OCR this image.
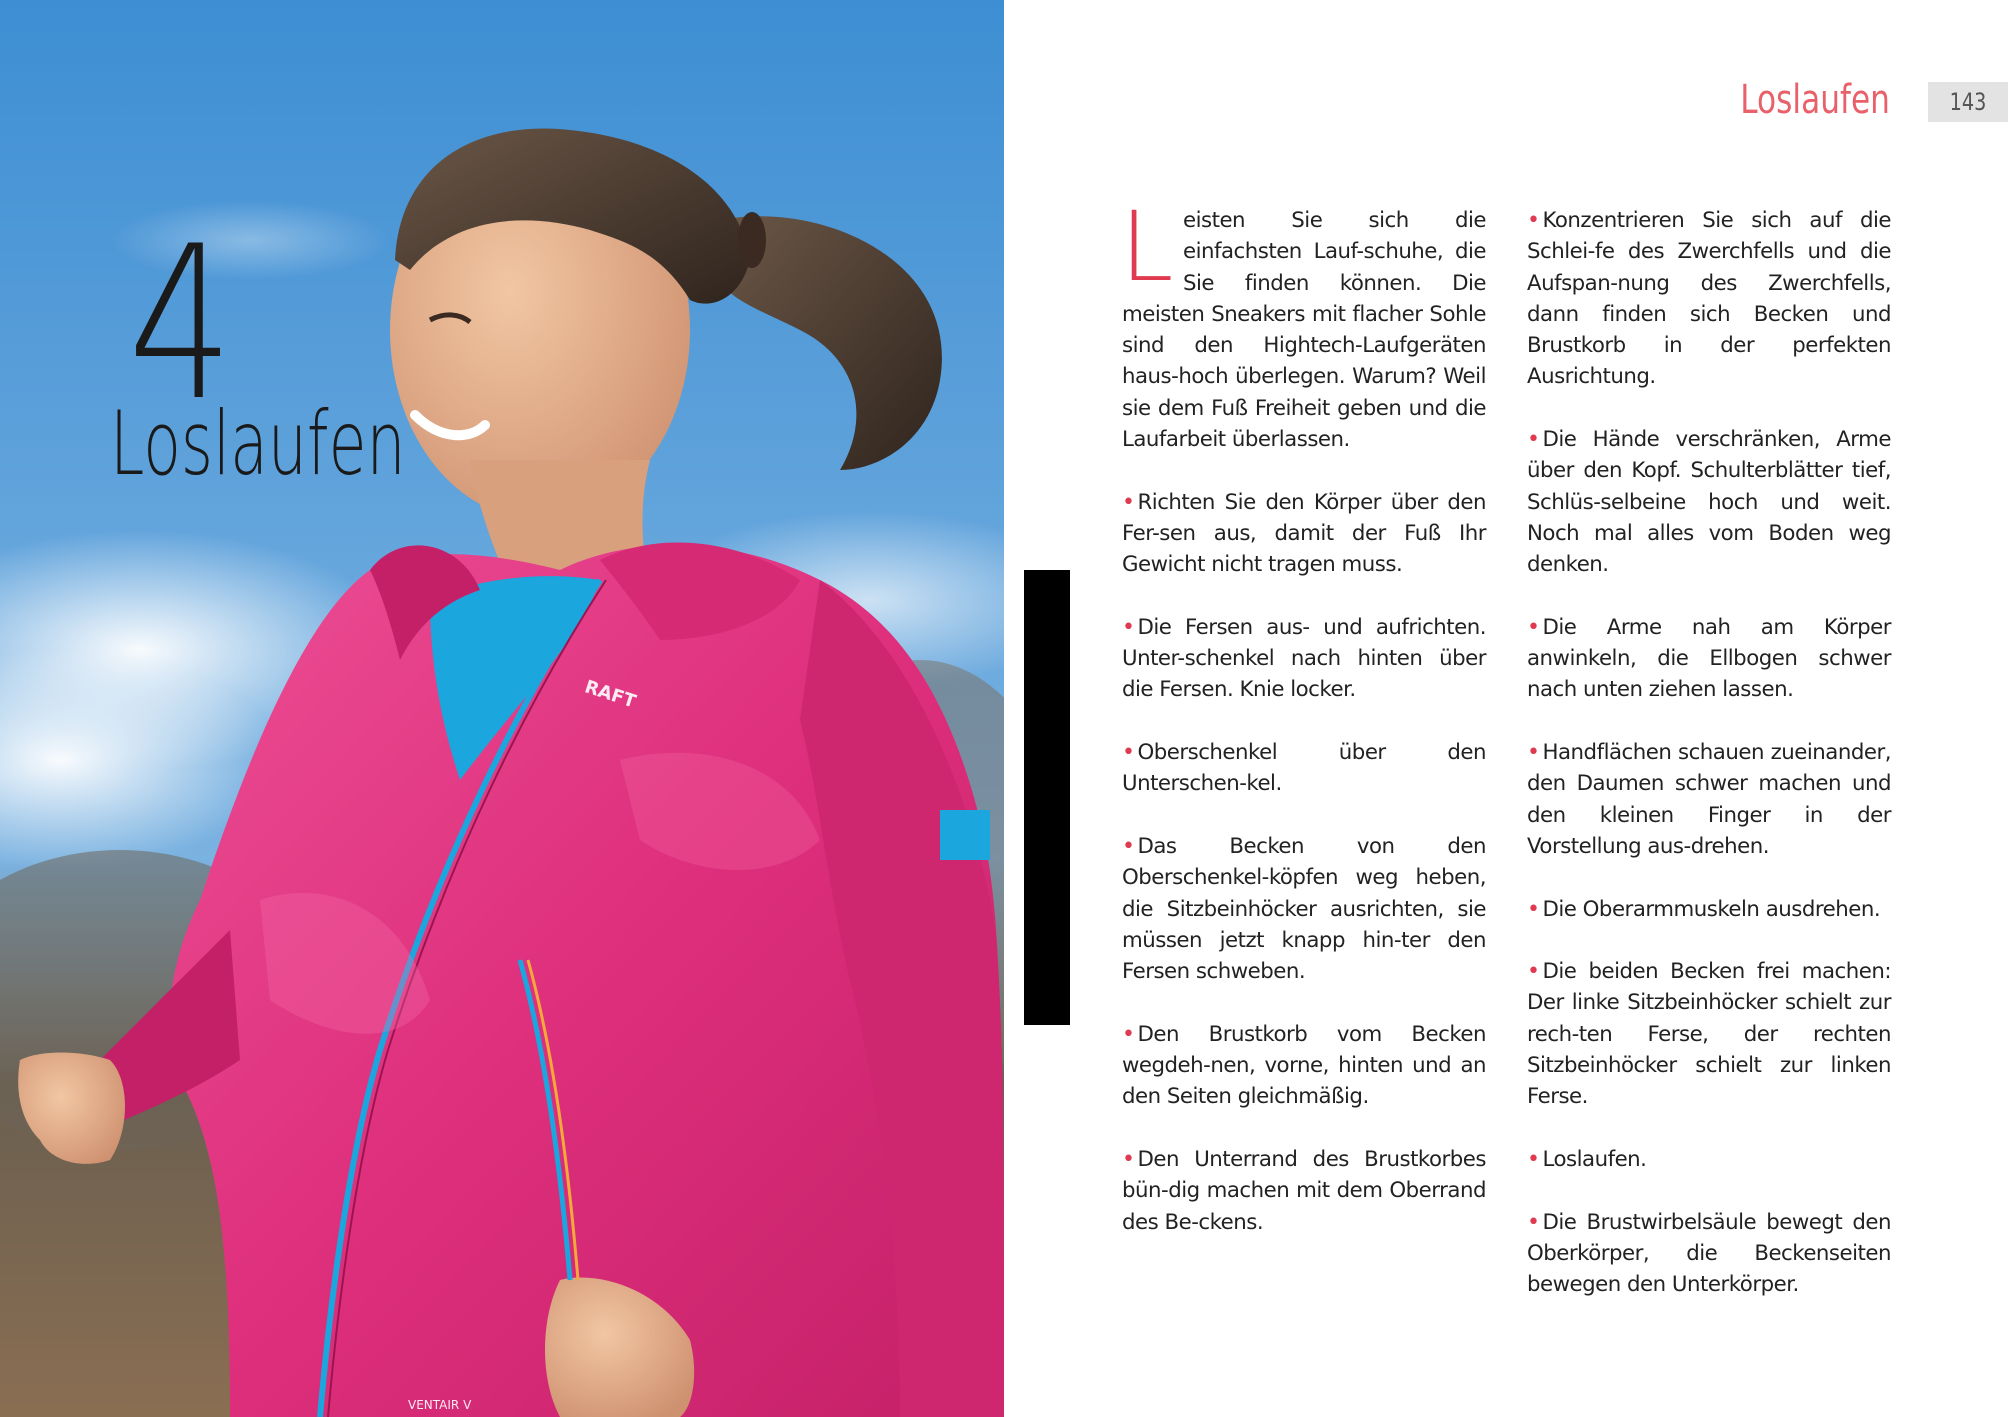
RAFT
VENTAIR V
4
Loslaufen
Loslaufen	143

Leisten Sie sich die einfachsten Lauf-schuhe, die Sie finden können. Die meisten Sneakers mit flacher Sohle sind den Hightech-Laufgeräten haus-hoch überlegen. Warum? Weil sie dem Fuß Freiheit geben und die Laufarbeit überlassen.

• Richten Sie den Körper über den Fer-sen aus, damit der Fuß Ihr Gewicht nicht tragen muss.

• Die Fersen aus- und aufrichten. Unter-schenkel nach hinten über die Fersen. Knie locker.

• Oberschenkel über den Unterschen-kel.

• Das Becken von den Oberschenkel-köpfen weg heben, die Sitzbeinhöcker ausrichten, sie müssen jetzt knapp hin-ter den Fersen schweben.

• Den Brustkorb vom Becken wegdeh-nen, vorne, hinten und an den Seiten gleichmäßig.

• Den Unterrand des Brustkorbes bün-dig machen mit dem Oberrand des Be-ckens.

• Konzentrieren Sie sich auf die Schlei-fe des Zwerchfells und die Aufspan-nung des Zwerchfells, dann finden sich Becken und Brustkorb in der perfekten Ausrichtung.

• Die Hände verschränken, Arme über den Kopf. Schulterblätter tief, Schlüs-selbeine hoch und weit. Noch mal alles vom Boden weg denken.

• Die Arme nah am Körper anwinkeln, die Ellbogen schwer nach unten ziehen lassen.

• Handflächen schauen zueinander, den Daumen schwer machen und den kleinen Finger in der Vorstellung aus-drehen.

• Die Oberarmmuskeln ausdrehen.

• Die beiden Becken frei machen: Der linke Sitzbeinhöcker schielt zur rech-ten Ferse, der rechten Sitzbeinhöcker schielt zur linken Ferse.

• Loslaufen.

• Die Brustwirbelsäule bewegt den Oberkörper, die Beckenseiten bewegen den Unterkörper.
